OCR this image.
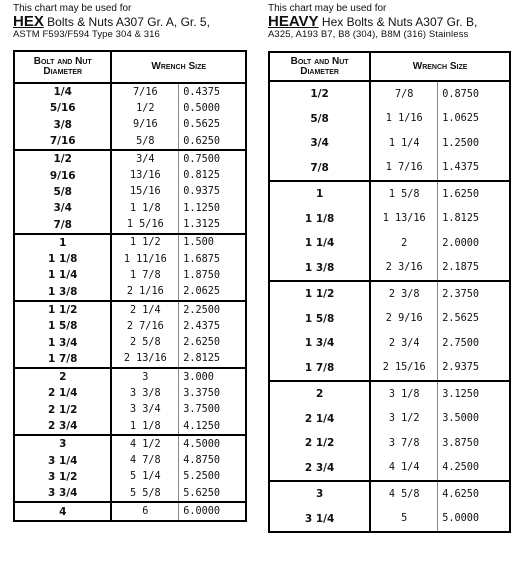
This chart may be used for
HEX Bolts & Nuts A307 Gr. A, Gr. 5,
ASTM F593/F594 Type 304 & 316
Bolt and Nut Diameter	Wrench Size	
1/4	7/16	0.4375
5/16	1/2	0.5000
3/8	9/16	0.5625
7/16	5/8	0.6250
1/2	3/4	0.7500
9/16	13/16	0.8125
5/8	15/16	0.9375
3/4	1 1/8	1.1250
7/8	1 5/16	1.3125
1	1 1/2	1.500
1 1/8	1 11/16	1.6875
1 1/4	1 7/8	1.8750
1 3/8	2 1/16	2.0625
1 1/2	2 1/4	2.2500
1 5/8	2 7/16	2.4375
1 3/4	2 5/8	2.6250
1 7/8	2 13/16	2.8125
2	3	3.000
2 1/4	3 3/8	3.3750
2 1/2	3 3/4	3.7500
2 3/4	1 1/8	4.1250
3	4 1/2	4.5000
3 1/4	4 7/8	4.8750
3 1/2	5 1/4	5.2500
3 3/4	5 5/8	5.6250
4	6	6.0000
This chart may be used for
HEAVY Hex Bolts & Nuts A307 Gr. B,
A325, A193 B7, B8 (304), B8M (316) Stainless
Bolt and Nut Diameter	Wrench Size	
1/2	7/8	0.8750
5/8	1 1/16	1.0625
3/4	1 1/4	1.2500
7/8	1 7/16	1.4375
1	1 5/8	1.6250
1 1/8	1 13/16	1.8125
1 1/4	2	2.0000
1 3/8	2 3/16	2.1875
1 1/2	2 3/8	2.3750
1 5/8	2 9/16	2.5625
1 3/4	2 3/4	2.7500
1 7/8	2 15/16	2.9375
2	3 1/8	3.1250
2 1/4	3 1/2	3.5000
2 1/2	3 7/8	3.8750
2 3/4	4 1/4	4.2500
3	4 5/8	4.6250
3 1/4	5	5.0000
